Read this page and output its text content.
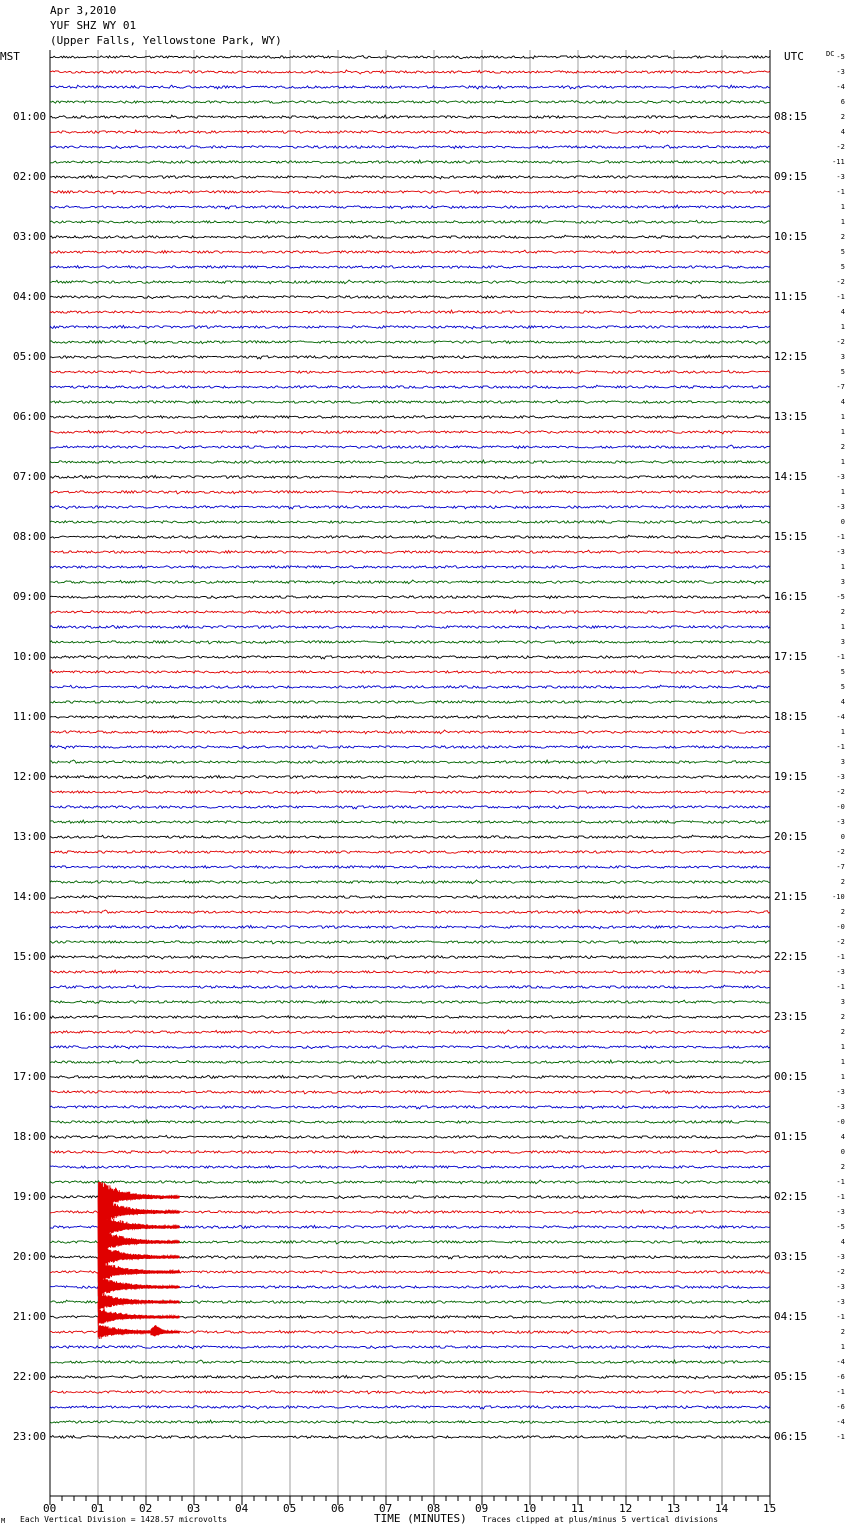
Apr 3,2010
YUF SHZ WY 01
(Upper Falls, Yellowstone Park, WY)
MST	UTC	DC
00	01	02	03	04	05	06	07	08	09	10	11	12	13	14	15
01:00
02:00
03:00
04:00
05:00
06:00
07:00
08:00
09:00
10:00
11:00
12:00
13:00
14:00
15:00
16:00
17:00
18:00
19:00
20:00
21:00
22:00
23:00
08:15
09:15
10:15
11:15
12:15
13:15
14:15
15:15
16:15
17:15
18:15
19:15
20:15
21:15
22:15
23:15
00:15
01:15
02:15
03:15
04:15
05:15
06:15
-5
-3
-4
6
2
4
-2
-11
-3
-1
1
1
2
5
5
-2
-1
4
1
-2
3
5
-7
4
1
1
2
1
-3
1
-3
0
-1
-3
1
3
-5
2
1
3
-1
5
5
4
-4
1
-1
3
-3
-2
-0
-3
0
-2
-7
2
-10
2
-0
-2
-1
-3
-1
3
2
2
1
1
1
-3
-3
-0
4
0
2
-1
-1
-3
-5
4
-3
-2
-3
-3
-1
2
1
-4
-6
-1
-6
-4
-1
M Each Vertical Division = 1428.57 microvolts	TIME (MINUTES) Traces clipped at plus/minus 5 vertical divisions
